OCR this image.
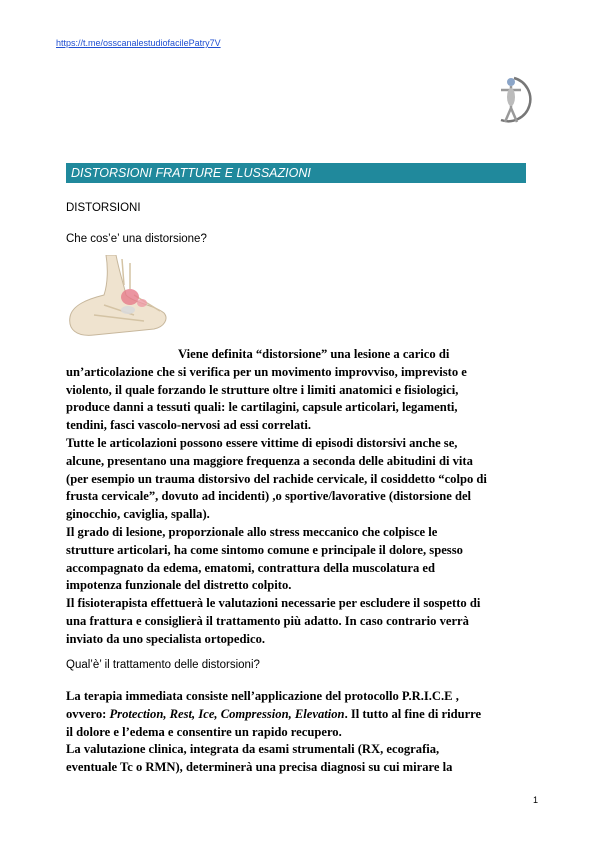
https://t.me/osscanalestudiofacilePatry7V
DISTORSIONI FRATTURE E LUSSAZIONI
DISTORSIONI
Che cos’e’ una distorsione?
Viene definita “distorsione” una lesione a carico di
un’articolazione che si verifica per un movimento improvviso, imprevisto e
violento, il quale forzando le strutture oltre i limiti anatomici e fisiologici,
produce danni a tessuti quali: le cartilagini, capsule articolari, legamenti,
tendini, fasci vascolo-nervosi ad essi correlati.
Tutte le articolazioni possono essere vittime di episodi distorsivi anche se,
alcune, presentano una maggiore frequenza a seconda delle abitudini di vita
(per esempio un trauma distorsivo del rachide cervicale, il cosiddetto “colpo di
frusta cervicale”, dovuto ad incidenti) ,o sportive/lavorative (distorsione del
ginocchio, caviglia, spalla).
Il grado di lesione, proporzionale allo stress meccanico che colpisce le
strutture articolari, ha come sintomo comune e principale il dolore, spesso
accompagnato da edema, ematomi, contrattura della muscolatura ed
impotenza funzionale del distretto colpito.
Il fisioterapista effettuerà le valutazioni necessarie per escludere il sospetto di
una frattura e consiglierà il trattamento più adatto. In caso contrario verrà
inviato da uno specialista ortopedico.
Qual’è’ il trattamento delle distorsioni?
La terapia immediata consiste nell’applicazione del protocollo P.R.I.C.E ,
ovvero: Protection, Rest, Ice, Compression, Elevation. Il tutto al fine di ridurre
il dolore e l’edema e consentire un rapido recupero.
La valutazione clinica, integrata da esami strumentali (RX, ecografia,
eventuale Tc o RMN), determinerà una precisa diagnosi su cui mirare la
1
